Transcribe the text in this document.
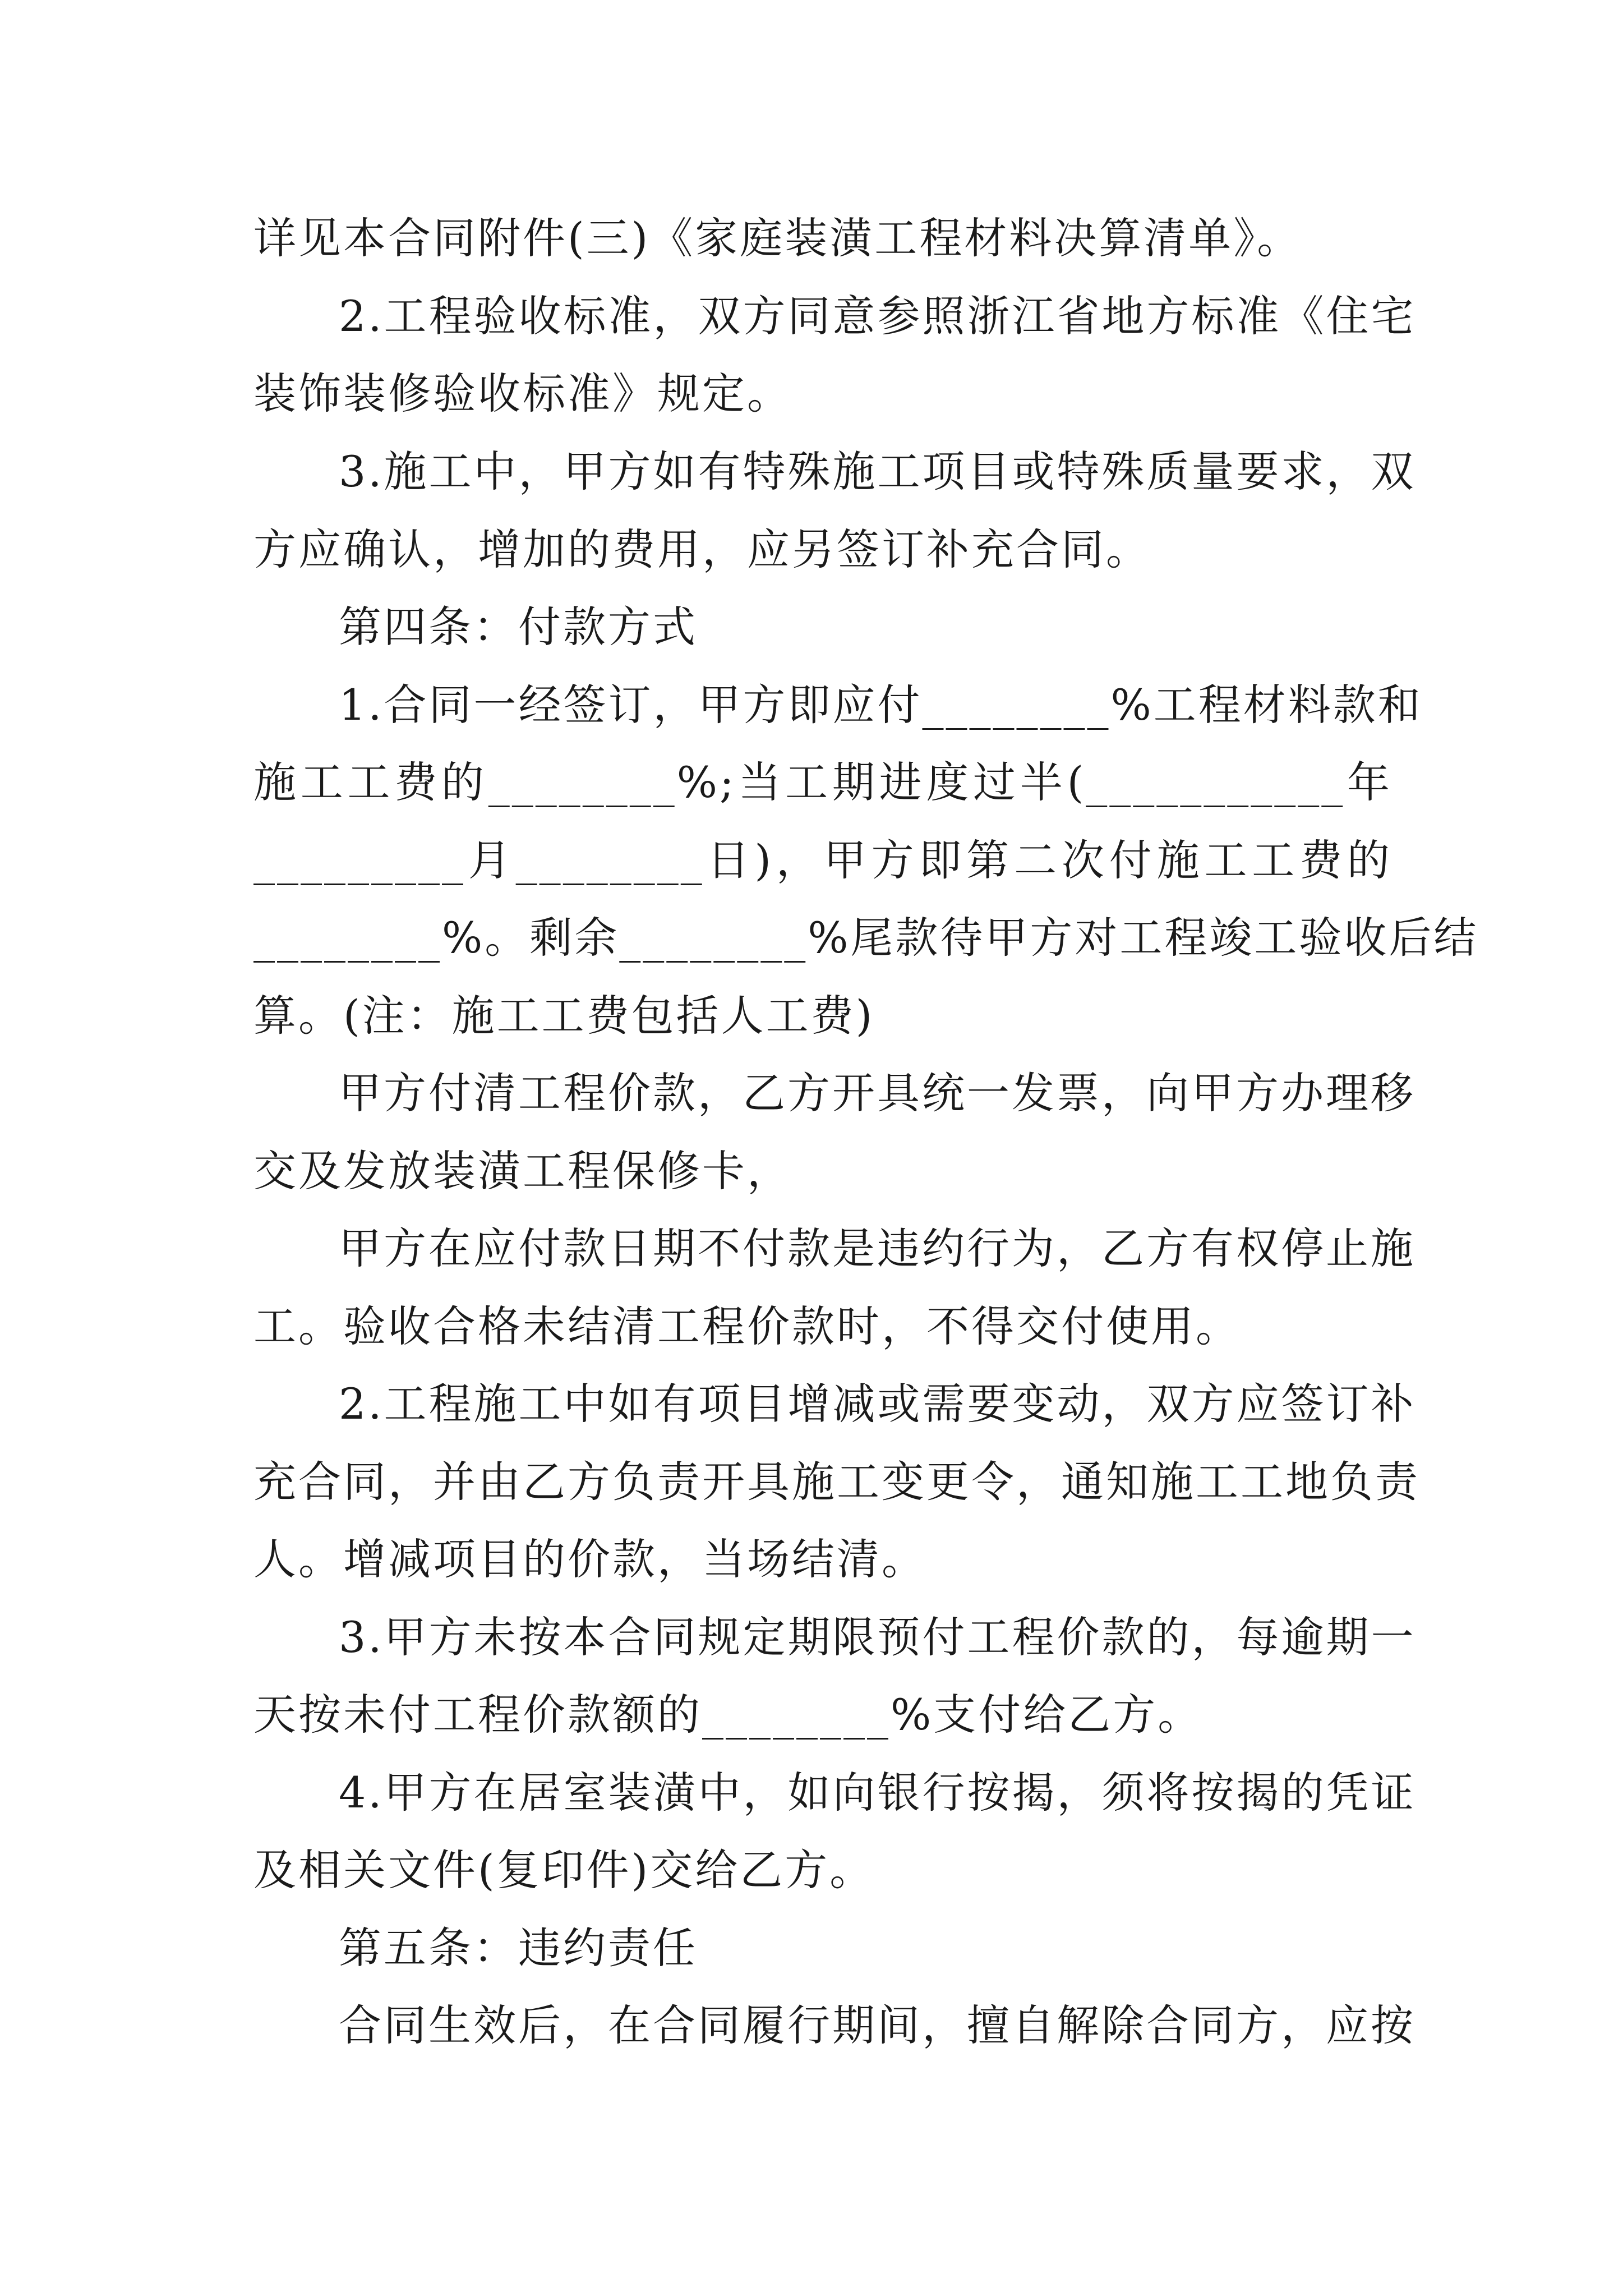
详见本合同附件(三)《家庭装潢工程材料决算清单》。
2.工程验收标准，双方同意参照浙江省地方标准《住宅
装饰装修验收标准》规定。
3.施工中，甲方如有特殊施工项目或特殊质量要求，双
方应确认，增加的费用，应另签订补充合同。
第四条：付款方式
1.合同一经签订，甲方即应付________%工程材料款和
施工工费的________%;当工期进度过半(___________年
_________月________日)，甲方即第二次付施工工费的
________%。剩余________%尾款待甲方对工程竣工验收后结
算。(注：施工工费包括人工费)
甲方付清工程价款，乙方开具统一发票，向甲方办理移
交及发放装潢工程保修卡，
甲方在应付款日期不付款是违约行为，乙方有权停止施
工。验收合格未结清工程价款时，不得交付使用。
2.工程施工中如有项目增减或需要变动，双方应签订补
充合同，并由乙方负责开具施工变更令，通知施工工地负责
人。增减项目的价款，当场结清。
3.甲方未按本合同规定期限预付工程价款的，每逾期一
天按未付工程价款额的________%支付给乙方。
4.甲方在居室装潢中，如向银行按揭，须将按揭的凭证
及相关文件(复印件)交给乙方。
第五条：违约责任
合同生效后，在合同履行期间，擅自解除合同方，应按
